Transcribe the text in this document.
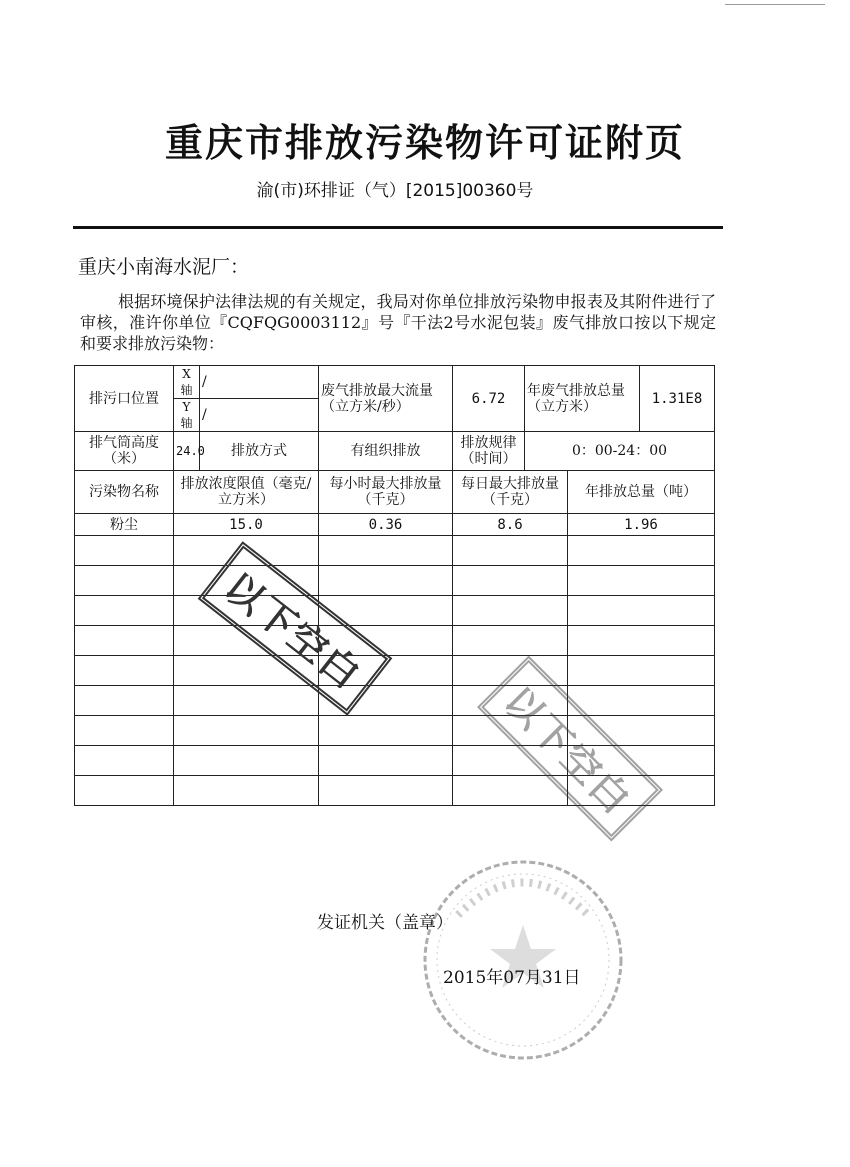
重庆市排放污染物许可证附页
渝(市)环排证（气）[2015]00360号
重庆小南海水泥厂：
根据环境保护法律法规的有关规定，我局对你单位排放污染物申报表及其附件进行了审核，准许你单位『CQFQG0003112』号『干法2号水泥包装』废气排放口按以下规定和要求排放污染物：
排污口位置	X 轴	/	废气排放最大流量（立方米/秒）	6.72	年废气排放总量（立方米）		1.31E8
	Y 轴	/					
排气筒高度（米）	24.0	排放方式	有组织排放	排放规律（时间）	0：00-24：00		
污染物名称	排放浓度限值（毫克/立方米）		每小时最大排放量（千克）	每日最大排放量（千克）		年排放总量（吨）	
粉尘	15.0		0.36	8.6		1.96	

以下空白
以下空白
发证机关（盖章）
2015年07月31日
